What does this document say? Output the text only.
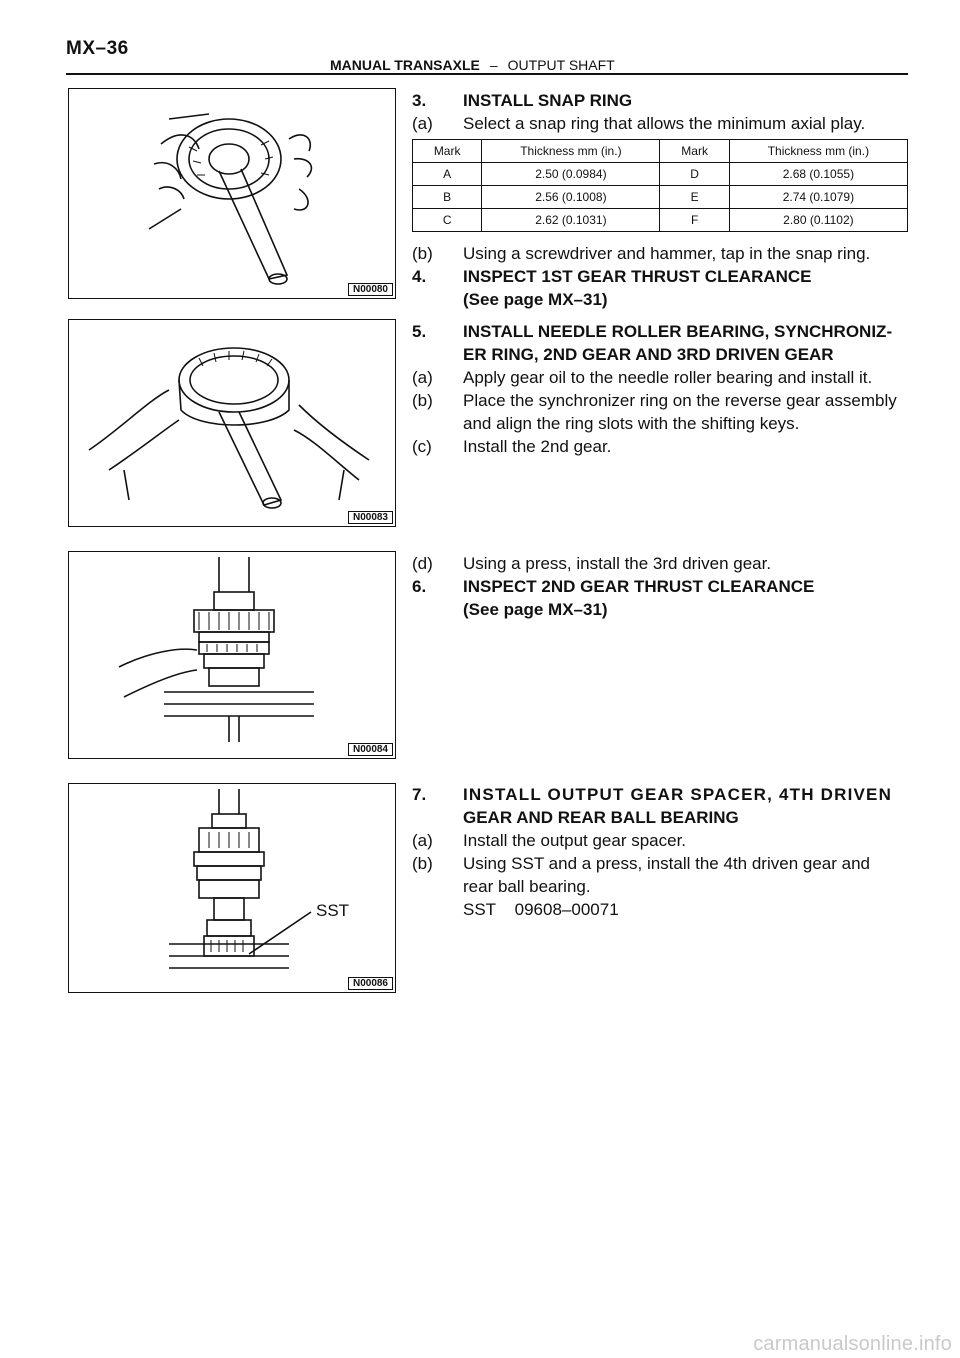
MX–36
MANUAL TRANSAXLE – OUTPUT SHAFT
N00080
N00083
N00084
SST
N00086
3. INSTALL SNAP RING
(a) Select a snap ring that allows the minimum axial play.
Mark	Thickness mm (in.)	Mark	Thickness mm (in.)
A	2.50 (0.0984)	D	2.68 (0.1055)
B	2.56 (0.1008)	E	2.74 (0.1079)
C	2.62 (0.1031)	F	2.80 (0.1102)
(b) Using a screwdriver and hammer, tap in the snap ring.
4. INSPECT 1ST GEAR THRUST CLEARANCE
(See page MX–31)
5. INSTALL NEEDLE ROLLER BEARING, SYNCHRONIZ-
ER RING, 2ND GEAR AND 3RD DRIVEN GEAR
(a) Apply gear oil to the needle roller bearing and install it.
(b) Place the synchronizer ring on the reverse gear assembly
and align the ring slots with the shifting keys.
(c) Install the 2nd gear.
(d) Using a press, install the 3rd driven gear.
6. INSPECT 2ND GEAR THRUST CLEARANCE
(See page MX–31)
7. INSTALL OUTPUT GEAR SPACER, 4TH DRIVEN
GEAR AND REAR BALL BEARING
(a) Install the output gear spacer.
(b) Using SST and a press, install the 4th driven gear and
rear ball bearing.
SST    09608–00071
carmanualsonline.info
